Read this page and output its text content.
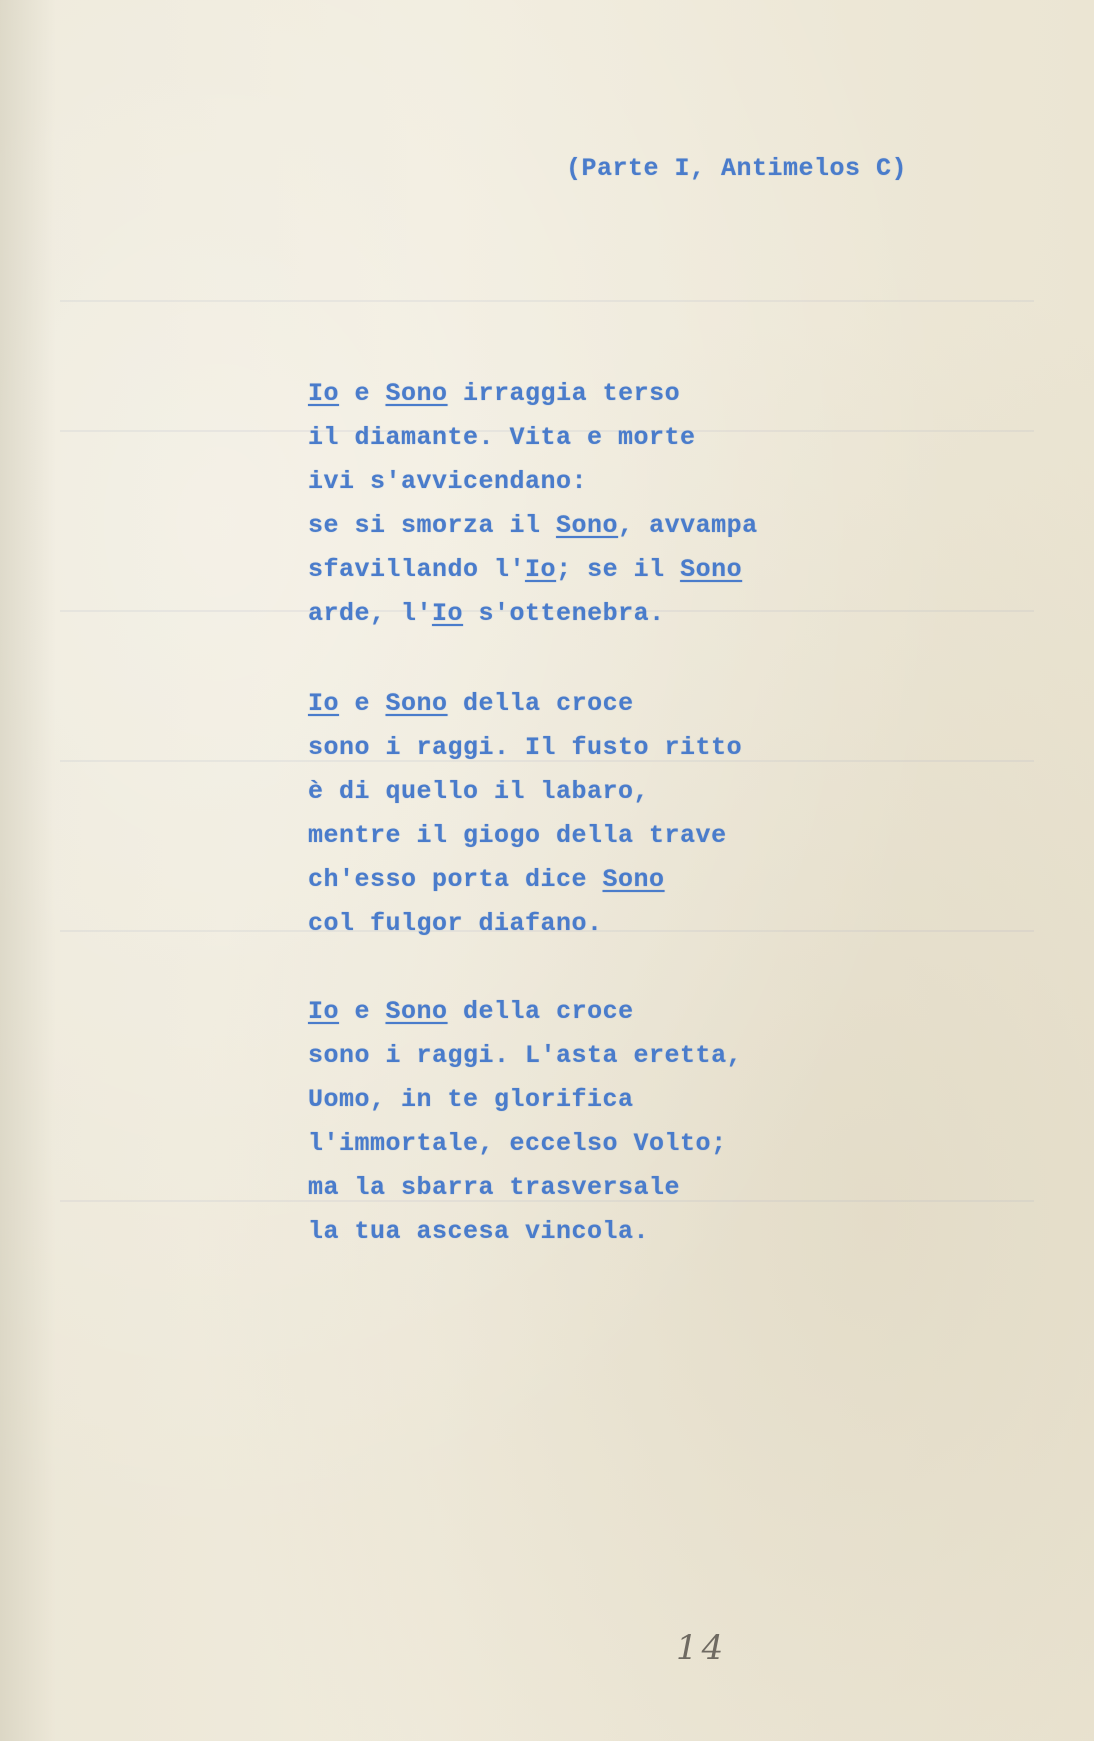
(Parte I, Antimelos C)
Io e Sono irraggia terso
il diamante. Vita e morte
ivi s'avvicendano:
se si smorza il Sono, avvampa
sfavillando l'Io; se il Sono
arde, l'Io s'ottenebra.
Io e Sono della croce
sono i raggi. Il fusto ritto
è di quello il labaro,
mentre il giogo della trave
ch'esso porta dice Sono
col fulgor diafano.
Io e Sono della croce
sono i raggi. L'asta eretta,
Uomo, in te glorifica
l'immortale, eccelso Volto;
ma la sbarra trasversale
la tua ascesa vincola.
14
